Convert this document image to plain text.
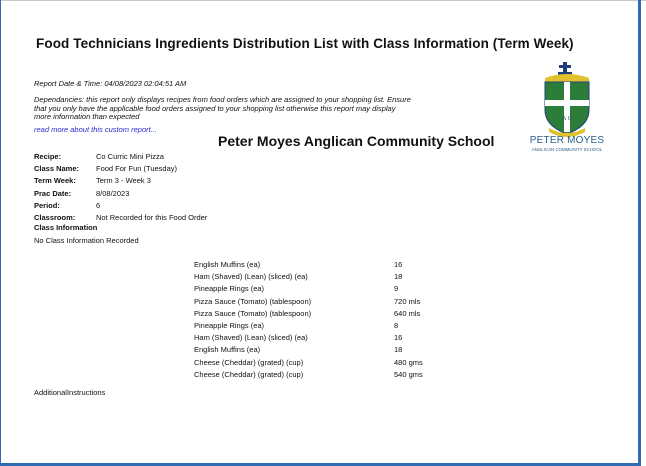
Food Technicians Ingredients Distribution List with Class Information (Term Week)
Report Date & Time: 04/08/2023 02:04:51 AM
Dependancies: this report only displays recipes from food orders which are assigned to your shopping list. Ensure that you only have the applicable food orders assigned to your shopping list otherwise this report may display more information than expected
read more about this custom report...
Peter Moyes Anglican Community School
A Q
PETER MOYES
ANGLICAN COMMUNITY SCHOOL
Recipe:	Co Curric Mini Pizza
Class Name: Food For Fun (Tuesday)
Term Week:	Term 3 - Week 3
Prac Date:	8/08/2023
Period:	6
Classroom:	Not Recorded for this Food Order
Class Information
No Class Information Recorded
English Muffins (ea)	16
Ham (Shaved) (Lean) (sliced) (ea)	18
Pineapple Rings (ea)	9
Pizza Sauce (Tomato) (tablespoon)	720 mls
Pizza Sauce (Tomato) (tablespoon)	640 mls
Pineapple Rings (ea)	8
Ham (Shaved) (Lean) (sliced) (ea)	16
English Muffins (ea)	18
Cheese (Cheddar) (grated) (cup)	480 gms
Cheese (Cheddar) (grated) (cup)	540 gms
AdditionalInstructions
